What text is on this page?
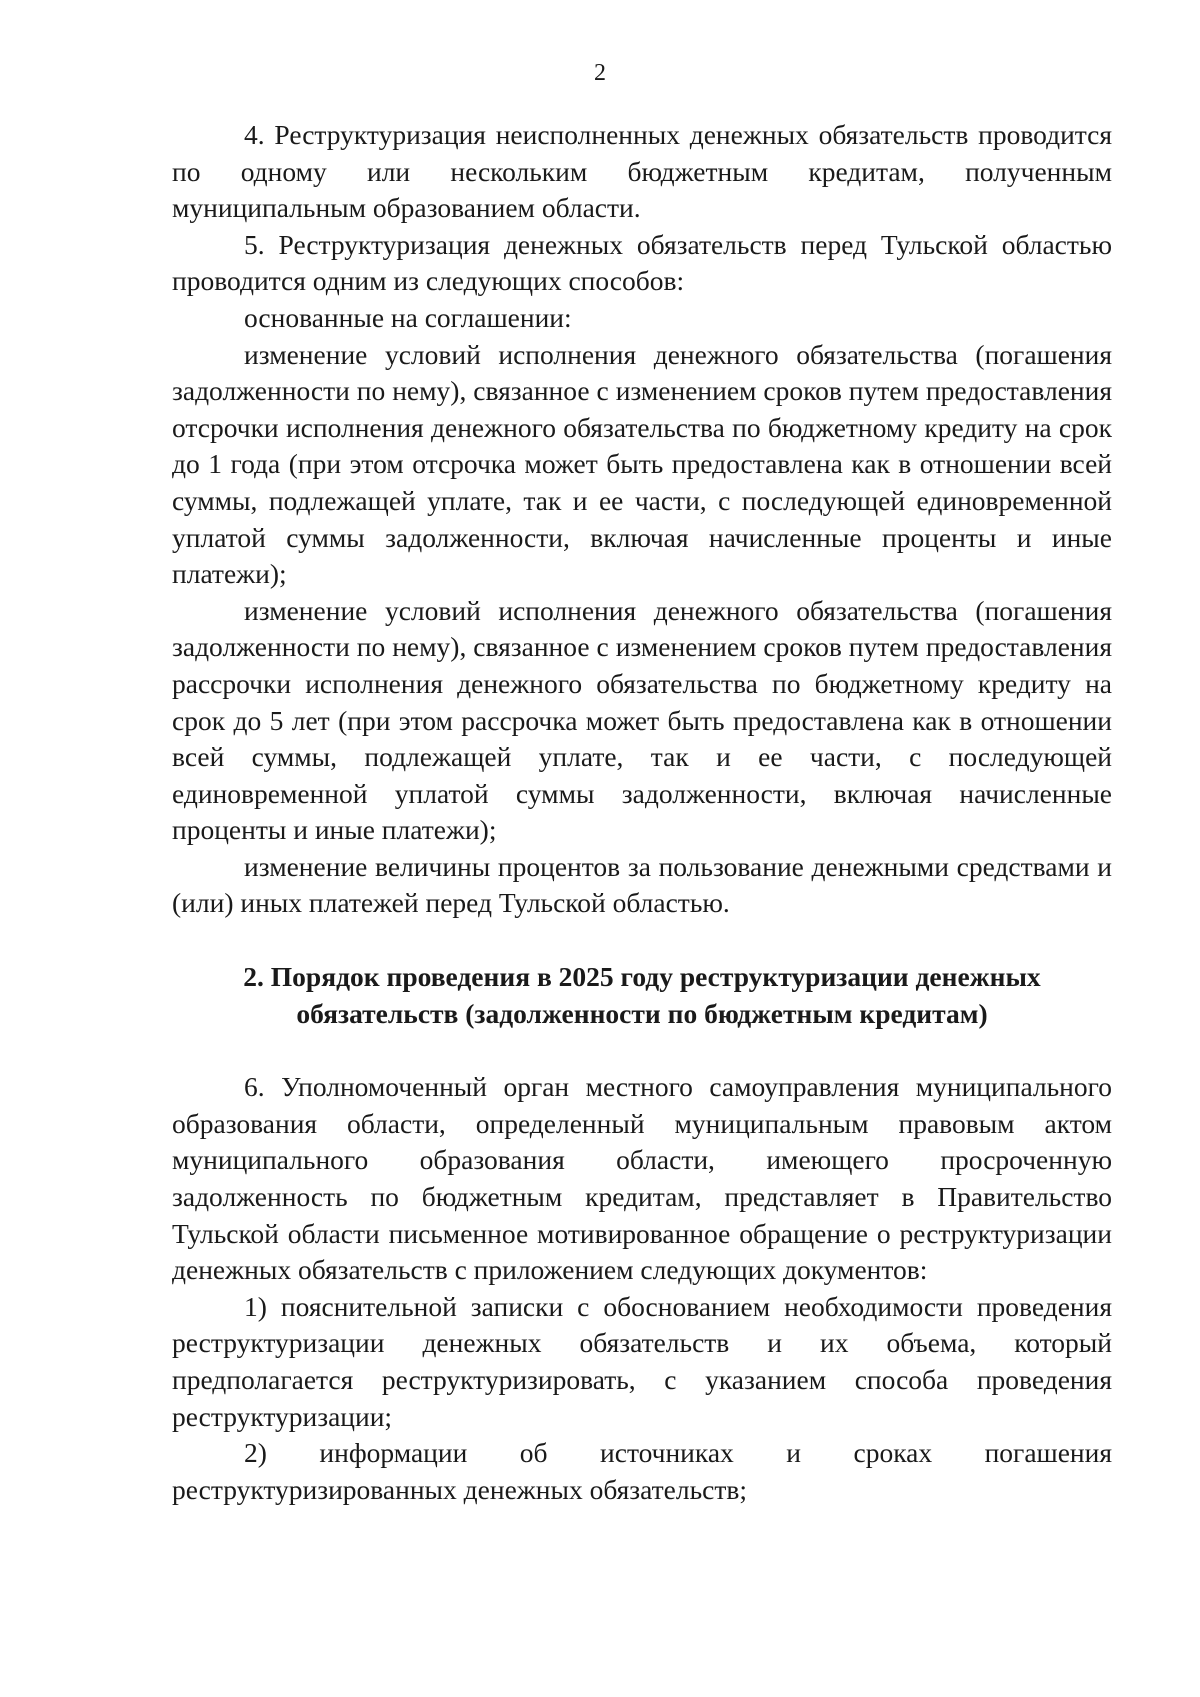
2

4. Реструктуризация неисполненных денежных обязательств проводится по одному или нескольким бюджетным кредитам, полученным муниципальным образованием области.

5. Реструктуризация денежных обязательств перед Тульской областью проводится одним из следующих способов:

основанные на соглашении:

изменение условий исполнения денежного обязательства (погашения задолженности по нему), связанное с изменением сроков путем предоставления отсрочки исполнения денежного обязательства по бюджетному кредиту на срок до 1 года (при этом отсрочка может быть предоставлена как в отношении всей суммы, подлежащей уплате, так и ее части, с последующей единовременной уплатой суммы задолженности, включая начисленные проценты и иные платежи);

изменение условий исполнения денежного обязательства (погашения задолженности по нему), связанное с изменением сроков путем предоставления рассрочки исполнения денежного обязательства по бюджетному кредиту на срок до 5 лет (при этом рассрочка может быть предоставлена как в отношении всей суммы, подлежащей уплате, так и ее части, с последующей единовременной уплатой суммы задолженности, включая начисленные проценты и иные платежи);

изменение величины процентов за пользование денежными средствами и (или) иных платежей перед Тульской областью.

2. Порядок проведения в 2025 году реструктуризации денежных
обязательств (задолженности по бюджетным кредитам)

6. Уполномоченный орган местного самоуправления муниципального образования области, определенный муниципальным правовым актом муниципального образования области, имеющего просроченную задолженность по бюджетным кредитам, представляет в Правительство Тульской области письменное мотивированное обращение о реструктуризации денежных обязательств с приложением следующих документов:

1) пояснительной записки с обоснованием необходимости проведения реструктуризации денежных обязательств и их объема, который предполагается реструктуризировать, с указанием способа проведения реструктуризации;

2) информации об источниках и сроках погашения реструктуризированных денежных обязательств;
